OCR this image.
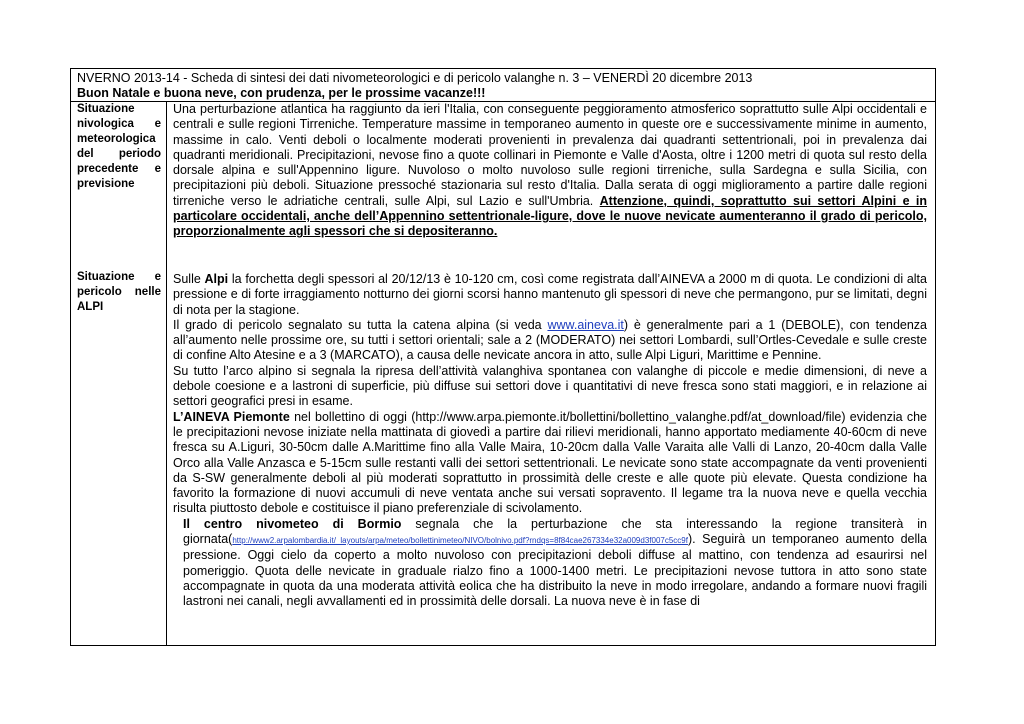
NVERNO 2013-14 - Scheda di sintesi dei dati nivometeorologici e di pericolo valanghe n. 3 – VENERDÌ 20 dicembre 2013
Buon Natale e buona neve, con prudenza, per le prossime vacanze!!!
Situazione nivologica e meteorologica del periodo precedente e previsione

Una perturbazione atlantica ha raggiunto da ieri l'Italia, con conseguente peggioramento atmosferico soprattutto sulle Alpi occidentali e centrali e sulle regioni Tirreniche. Temperature massime in temporaneo aumento in queste ore e successivamente minime in aumento, massime in calo. Venti deboli o localmente moderati provenienti in prevalenza dai quadranti settentrionali, poi in prevalenza dai quadranti meridionali. Precipitazioni, nevose fino a quote collinari in Piemonte e Valle d'Aosta, oltre i 1200 metri di quota sul resto della dorsale alpina e sull'Appennino ligure. Nuvoloso o molto nuvoloso sulle regioni tirreniche, sulla Sardegna e sulla Sicilia, con precipitazioni più deboli. Situazione pressoché stazionaria sul resto d'Italia. Dalla serata di oggi miglioramento a partire dalle regioni tirreniche verso le adriatiche centrali, sulle Alpi, sul Lazio e sull'Umbria. Attenzione, quindi, soprattutto sui settori Alpini e in particolare occidentali, anche dell’Appennino settentrionale-ligure, dove le nuove nevicate aumenteranno il grado di pericolo, proporzionalmente agli spessori che si depositeranno.

Situazione e pericolo nelle ALPI

Sulle Alpi la forchetta degli spessori al 20/12/13 è 10-120 cm, così come registrata dall’AINEVA a 2000 m di quota. Le condizioni di alta pressione e di forte irraggiamento notturno dei giorni scorsi hanno mantenuto gli spessori di neve che permangono, pur se limitati, degni di nota per la stagione.

Il grado di pericolo segnalato su tutta la catena alpina (si veda www.aineva.it) è generalmente pari a 1 (DEBOLE), con tendenza all’aumento nelle prossime ore, su tutti i settori orientali; sale a 2 (MODERATO) nei settori Lombardi, sull’Ortles-Cevedale e sulle creste di confine Alto Atesine e a 3 (MARCATO), a causa delle nevicate ancora in atto, sulle Alpi Liguri, Marittime e Pennine.

Su tutto l’arco alpino si segnala la ripresa dell’attività valanghiva spontanea con valanghe di piccole e medie dimensioni, di neve a debole coesione e a lastroni di superficie, più diffuse sui settori dove i quantitativi di neve fresca sono stati maggiori, e in relazione ai settori geografici presi in esame.

L’AINEVA Piemonte nel bollettino di oggi (http://www.arpa.piemonte.it/bollettini/bollettino_valanghe.pdf/at_download/file) evidenzia che le precipitazioni nevose iniziate nella mattinata di giovedì a partire dai rilievi meridionali, hanno apportato mediamente 40-60cm di neve fresca su A.Liguri, 30-50cm dalle A.Marittime fino alla Valle Maira, 10-20cm dalla Valle Varaita alle Valli di Lanzo, 20-40cm dalla Valle Orco alla Valle Anzasca e 5-15cm sulle restanti valli dei settori settentrionali. Le nevicate sono state accompagnate da venti provenienti da S-SW generalmente deboli al più moderati soprattutto in prossimità delle creste e alle quote più elevate. Questa condizione ha favorito la formazione di nuovi accumuli di neve ventata anche sui versati sopravento. Il legame tra la nuova neve e quella vecchia risulta piuttosto debole e costituisce il piano preferenziale di scivolamento.

Il centro nivometeo di Bormio segnala che la perturbazione che sta interessando la regione transiterà in giornata(http://www2.arpalombardia.it/_layouts/arpa/meteo/bollettinimeteo/NIVO/bolnivo.pdf?rndqs=8f84cae267334e32a009d3f007c5cc9f). Seguirà un temporaneo aumento della pressione. Oggi cielo da coperto a molto nuvoloso con precipitazioni deboli diffuse al mattino, con tendenza ad esaurirsi nel pomeriggio. Quota delle nevicate in graduale rialzo fino a 1000-1400 metri. Le precipitazioni nevose tuttora in atto sono state accompagnate in quota da una moderata attività eolica che ha distribuito la neve in modo irregolare, andando a formare nuovi fragili lastroni nei canali, negli avvallamenti ed in prossimità delle dorsali. La nuova neve è in fase di
